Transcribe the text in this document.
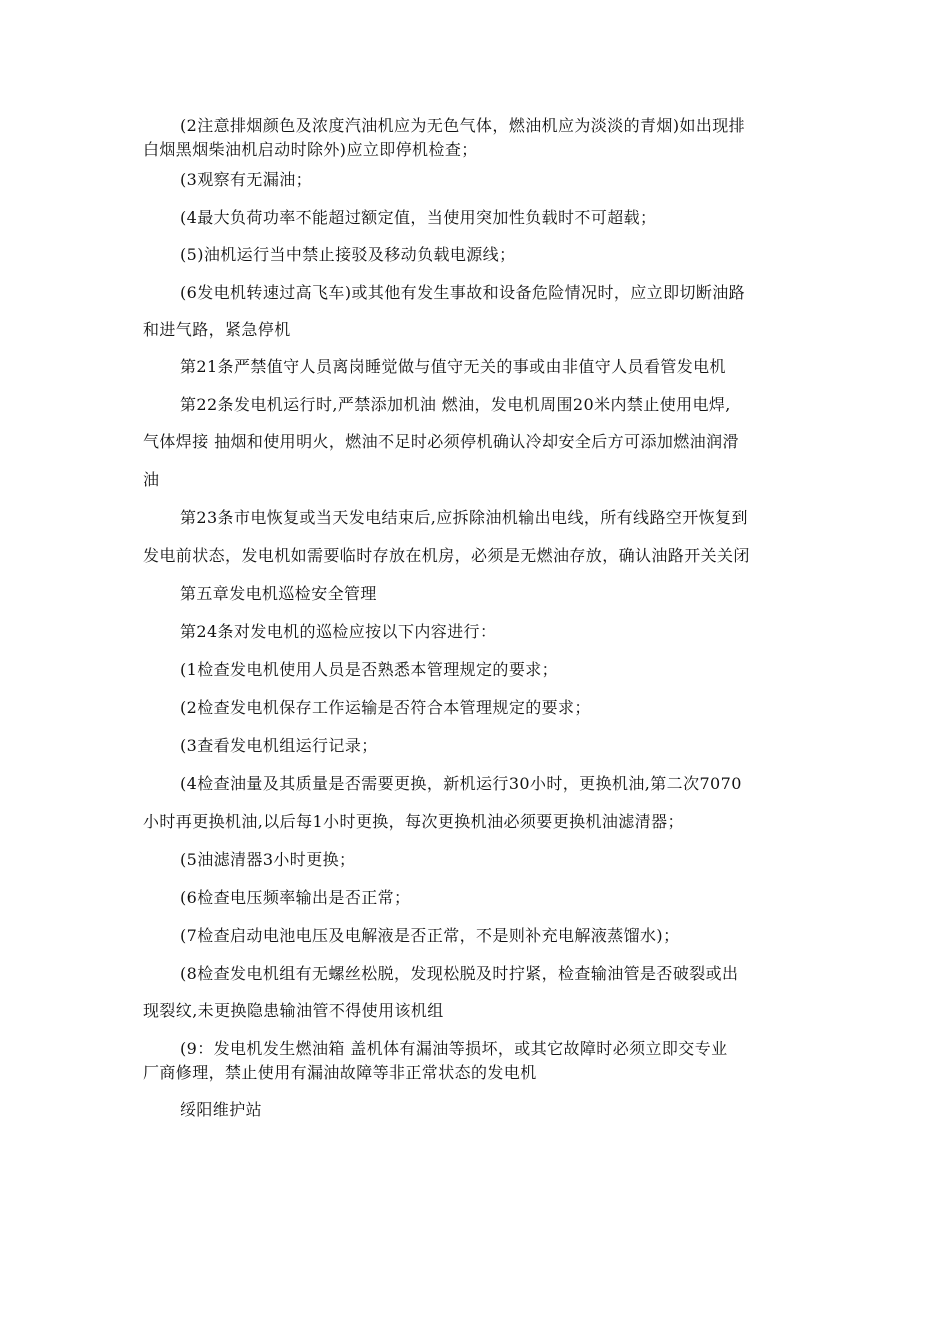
(2注意排烟颜色及浓度汽油机应为无色气体，燃油机应为淡淡的青烟)如出现排
白烟黑烟柴油机启动时除外)应立即停机检查；
(3观察有无漏油；
(4最大负荷功率不能超过额定值，当使用突加性负载时不可超载；
(5)油机运行当中禁止接驳及移动负载电源线；
(6发电机转速过高飞车)或其他有发生事故和设备危险情况时，应立即切断油路
和进气路，紧急停机
第21条严禁值守人员离岗睡觉做与值守无关的事或由非值守人员看管发电机
第22条发电机运行时,严禁添加机油 燃油，发电机周围20米内禁止使用电焊,
气体焊接 抽烟和使用明火，燃油不足时必须停机确认冷却安全后方可添加燃油润滑
油
第23条市电恢复或当天发电结束后,应拆除油机输出电线，所有线路空开恢复到
发电前状态，发电机如需要临时存放在机房，必须是无燃油存放，确认油路开关关闭
第五章发电机巡检安全管理
第24条对发电机的巡检应按以下内容进行：
(1检查发电机使用人员是否熟悉本管理规定的要求；
(2检查发电机保存工作运输是否符合本管理规定的要求；
(3查看发电机组运行记录；
(4检查油量及其质量是否需要更换，新机运行30小时，更换机油,第二次7070
小时再更换机油,以后每1小时更换，每次更换机油必须要更换机油滤清器；
(5油滤清器3小时更换；
(6检查电压频率输出是否正常；
(7检查启动电池电压及电解液是否正常，不是则补充电解液蒸馏水)；
(8检查发电机组有无螺丝松脱，发现松脱及时拧紧，检查输油管是否破裂或出
现裂纹,未更换隐患输油管不得使用该机组
(9：发电机发生燃油箱 盖机体有漏油等损坏，或其它故障时必须立即交专业
厂商修理，禁止使用有漏油故障等非正常状态的发电机
绥阳维护站
